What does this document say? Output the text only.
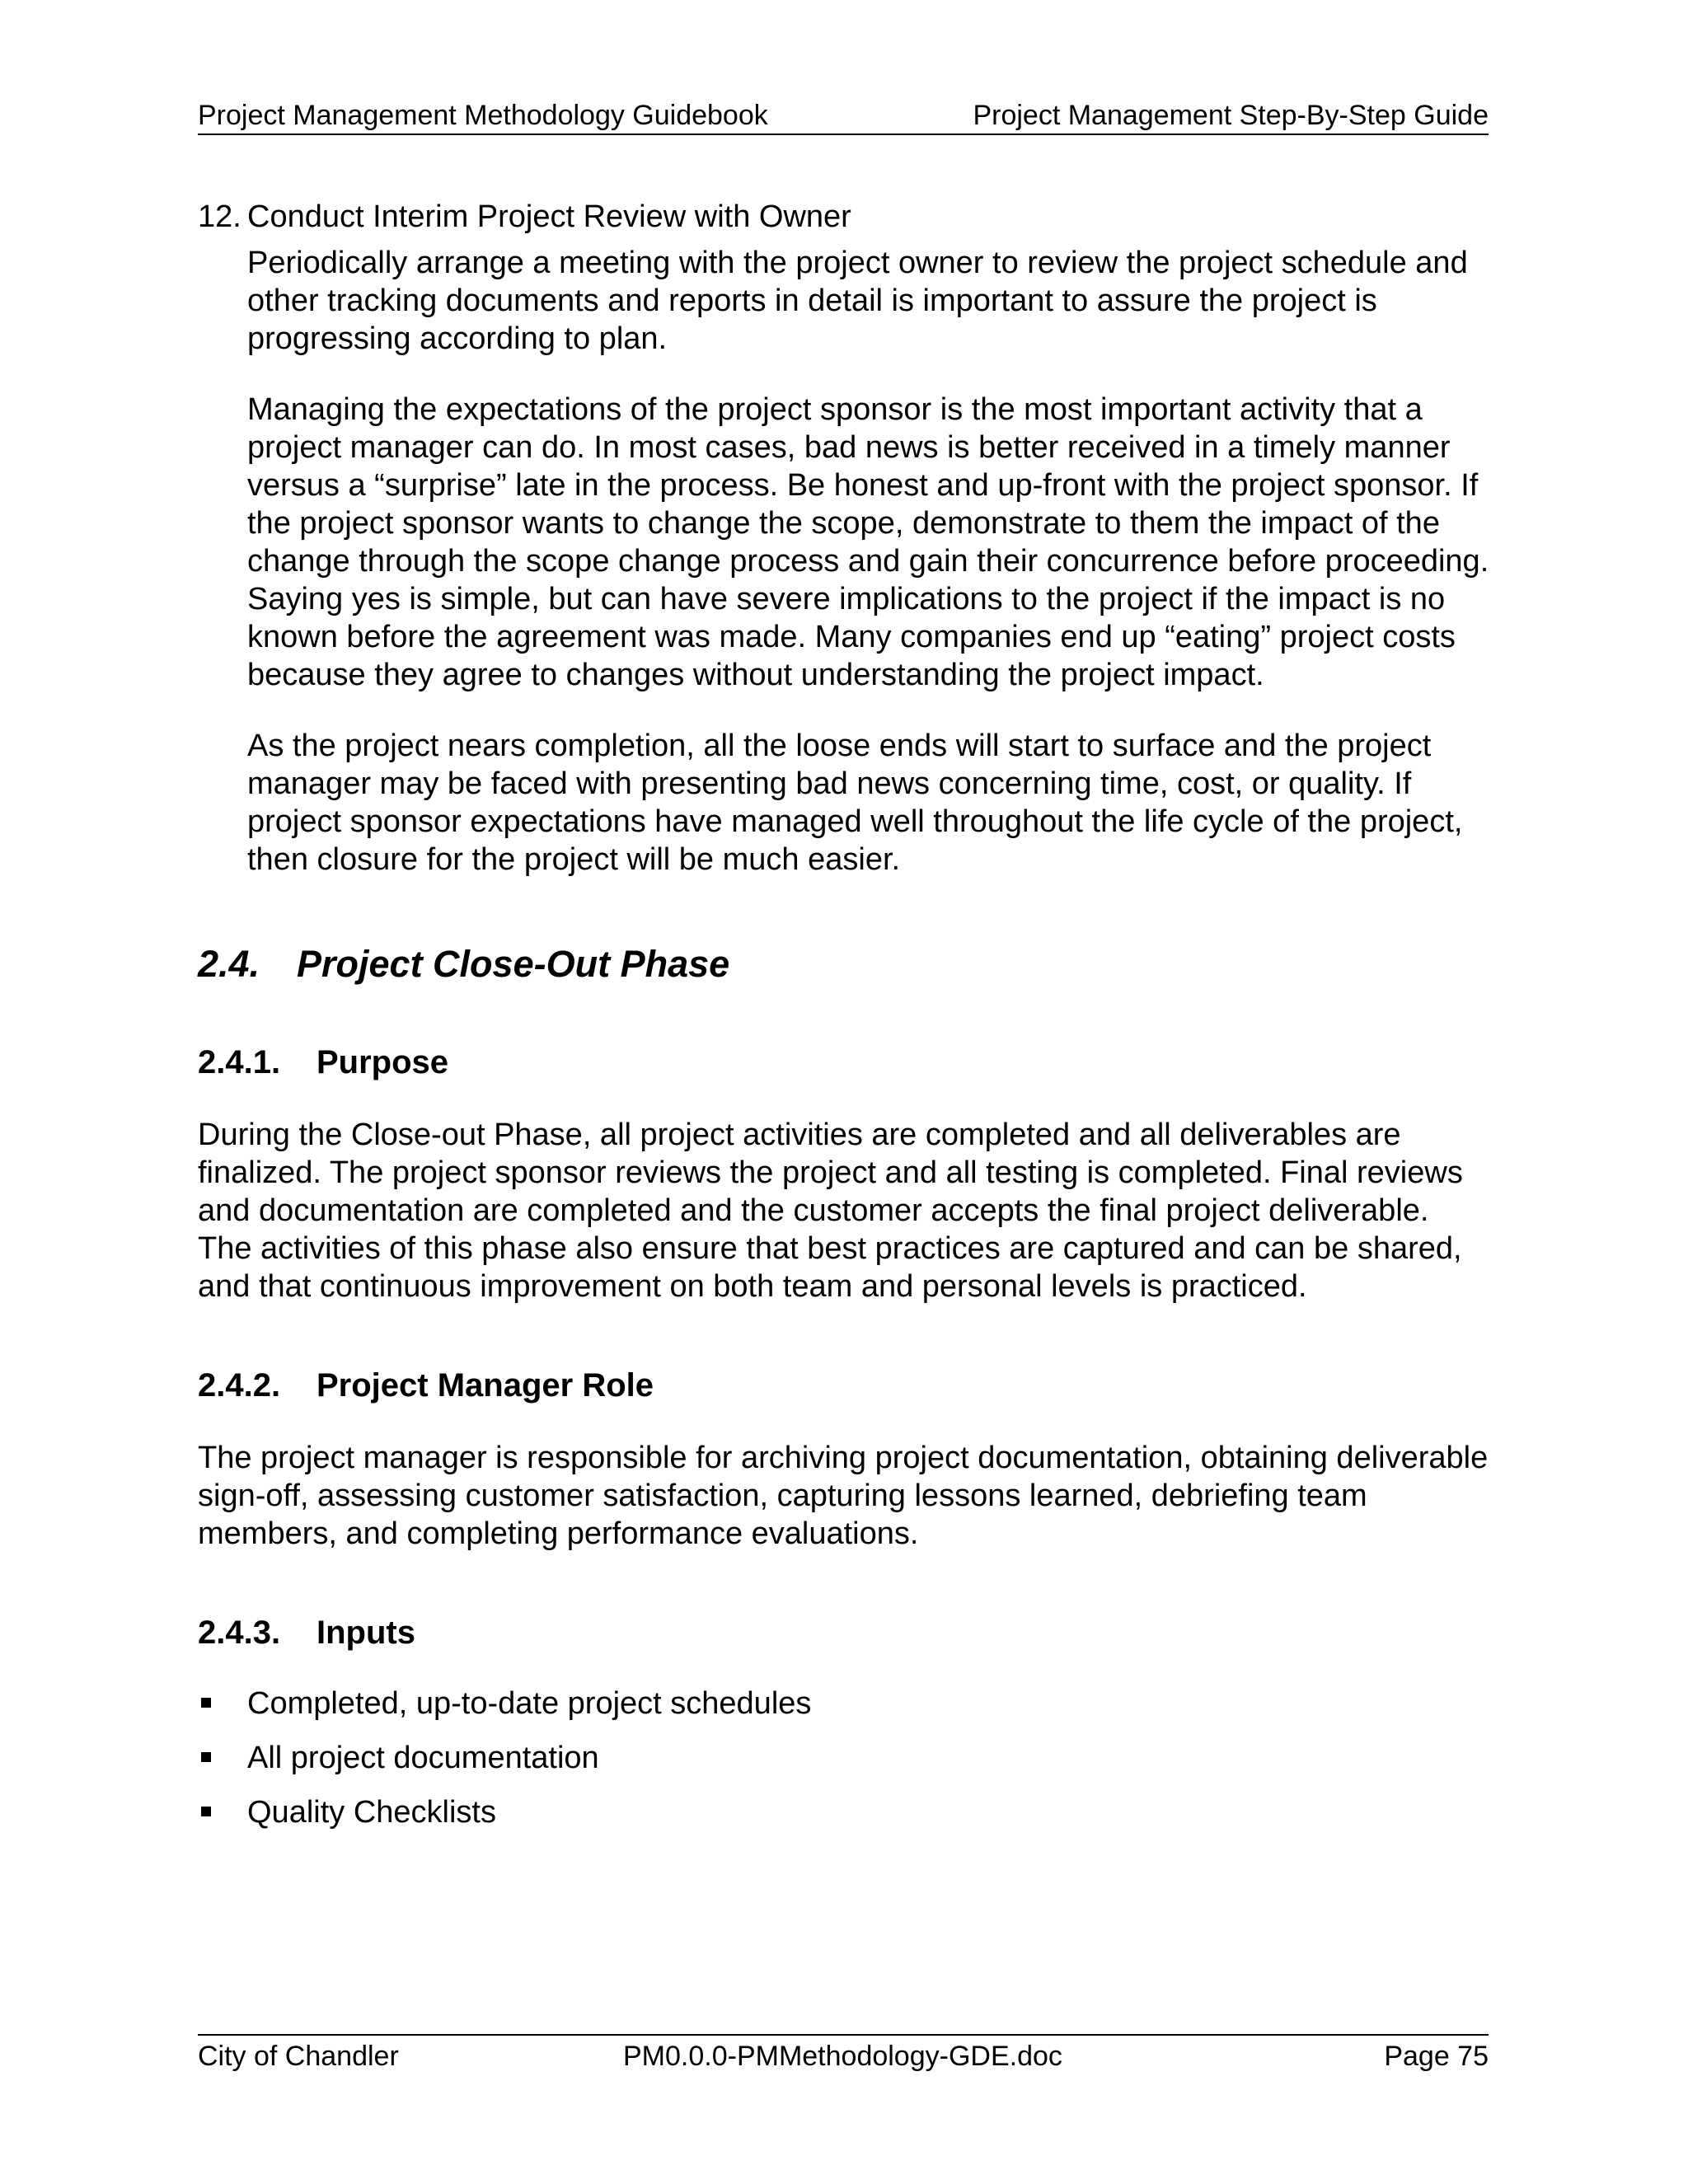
Project Management Methodology Guidebook	Project Management Step-By-Step Guide

12. Conduct Interim Project Review with Owner

Periodically arrange a meeting with the project owner to review the project schedule and other tracking documents and reports in detail is important to assure the project is progressing according to plan.

Managing the expectations of the project sponsor is the most important activity that a project manager can do. In most cases, bad news is better received in a timely manner versus a “surprise” late in the process. Be honest and up-front with the project sponsor. If the project sponsor wants to change the scope, demonstrate to them the impact of the change through the scope change process and gain their concurrence before proceeding. Saying yes is simple, but can have severe implications to the project if the impact is no known before the agreement was made. Many companies end up “eating” project costs because they agree to changes without understanding the project impact.

As the project nears completion, all the loose ends will start to surface and the project manager may be faced with presenting bad news concerning time, cost, or quality. If project sponsor expectations have managed well throughout the life cycle of the project, then closure for the project will be much easier.

2.4. Project Close-Out Phase
2.4.1. Purpose

During the Close-out Phase, all project activities are completed and all deliverables are finalized. The project sponsor reviews the project and all testing is completed. Final reviews and documentation are completed and the customer accepts the final project deliverable. The activities of this phase also ensure that best practices are captured and can be shared, and that continuous improvement on both team and personal levels is practiced.

2.4.2. Project Manager Role

The project manager is responsible for archiving project documentation, obtaining deliverable sign-off, assessing customer satisfaction, capturing lessons learned, debriefing team members, and completing performance evaluations.

2.4.3. Inputs
Completed, up-to-date project schedules
All project documentation
Quality Checklists
City of Chandler	PM0.0.0-PMMethodology-GDE.doc	Page 75
